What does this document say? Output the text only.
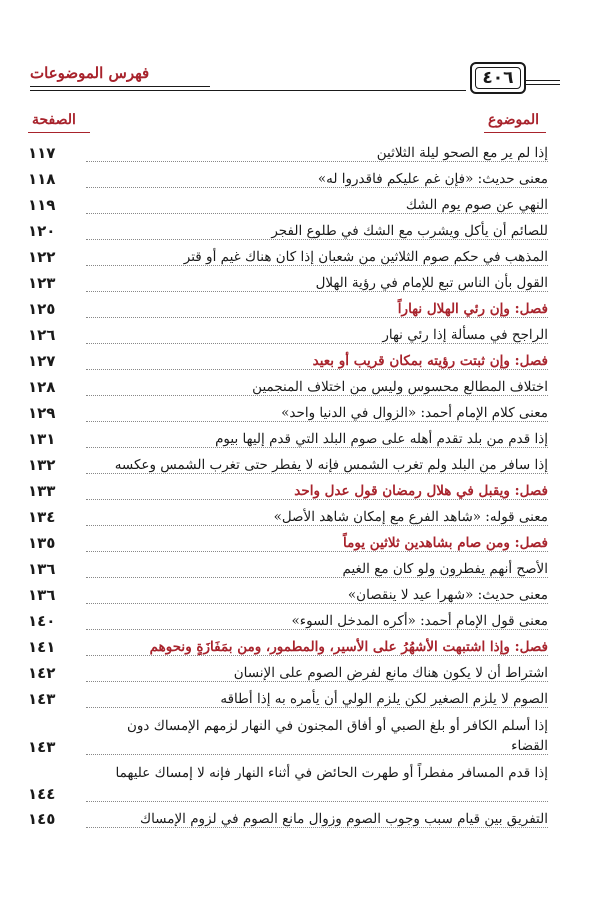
فهرس الموضوعات	٤٠٦
الصفحة	الموضوع
إذا لم ير مع الصحو ليلة الثلاثين
١١٧
معنى حديث: «فإن غم عليكم فاقدروا له»
١١٨
النهي عن صوم يوم الشك
١١٩
للصائم أن يأكل ويشرب مع الشك في طلوع الفجر
١٢٠
المذهب في حكم صوم الثلاثين من شعبان إذا كان هناك غيم أو قتر
١٢٢
القول بأن الناس تبع للإمام في رؤية الهلال
١٢٣
فصل: وإن رئي الهلال نهاراً
١٢٥
الراجح في مسألة إذا رئي نهار
١٢٦
فصل: وإن ثبتت رؤيته بمكان قريب أو بعيد
١٢٧
اختلاف المطالع محسوس وليس من اختلاف المنجمين
١٢٨
معنى كلام الإمام أحمد: «الزوال في الدنيا واحد»
١٢٩
إذا قدم من بلد تقدم أهله على صوم البلد التي قدم إليها بيوم
١٣١
إذا سافر من البلد ولم تغرب الشمس فإنه لا يفطر حتى تغرب الشمس وعكسه
١٣٢
فصل: ويقبل في هلال رمضان قول عدل واحد
١٣٣
معنى قوله: «شاهد الفرع مع إمكان شاهد الأصل»
١٣٤
فصل: ومن صام بشاهدين ثلاثين يوماً
١٣٥
الأصح أنهم يفطرون ولو كان مع الغيم
١٣٦
معنى حديث: «شهرا عيد لا ينقصان»
١٣٦
معنى قول الإمام أحمد: «أكره المدخل السوء»
١٤٠
فصل: وإذا اشتبهت الأشهُرُ على الأسير، والمطمور، ومن بمَفَازَةٍ ونحوهم
١٤١
اشتراط أن لا يكون هناك مانع لفرض الصوم على الإنسان
١٤٢
الصوم لا يلزم الصغير لكن يلزم الولي أن يأمره به إذا أطاقه
١٤٣
إذا أسلم الكافر أو بلغ الصبي أو أفاق المجنون في النهار لزمهم الإمساك دون القضاء
١٤٣
إذا قدم المسافر مفطراً أو طهرت الحائض في أثناء النهار فإنه لا إمساك عليهما
١٤٤
التفريق بين قيام سبب وجوب الصوم وزوال مانع الصوم في لزوم الإمساك
١٤٥
